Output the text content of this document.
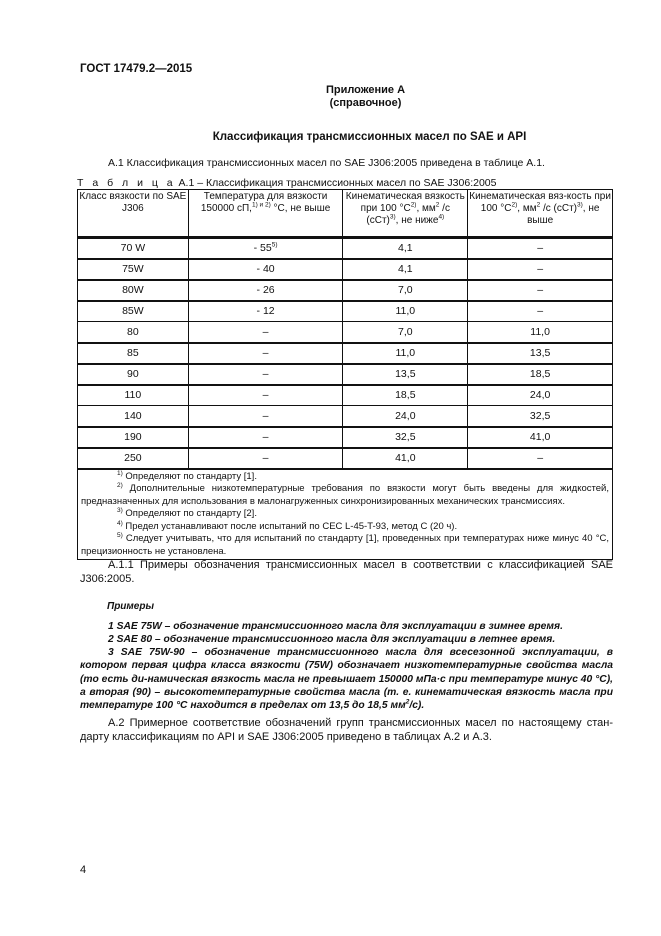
ГОСТ 17479.2—2015
Приложение А
(справочное)
Классификация трансмиссионных масел по SAE и API
А.1 Классификация трансмиссионных масел по SAE J306:2005 приведена в таблице А.1.
Т а б л и ц а А.1 – Классификация трансмиссионных масел по SAE J306:2005
Класс вязкости по SAE J306	Температура для вязкости 150000 сП,$^{1) и 2)}$ °С, не выше	Кинематическая вязкость при 100 $^\circ С^{2)}$, $мм^2$ /с (сСт)$^{3)}$, не ниже$^{4)}$	Кинематическая вяз-кость при 100 $^\circ С^{2)}$, $мм^2$ /с (сСт)$^{3)}$, не выше
70 W	- 55$^{5)}$	4,1	–
75W	- 40	4,1	–
80W	- 26	7,0	–
85W	- 12	11,0	–
80	–	7,0	11,0
85	–	11,0	13,5
90	–	13,5	18,5
110	–	18,5	24,0
140	–	24,0	32,5
190	–	32,5	41,0
250	–	41,0	–

$^{1)}$ Определяют по стандарту [1].
$^{2)}$ Дополнительные низкотемпературные требования по вязкости могут быть введены для жидкостей, предназначенных для использования в малонагруженных синхронизированных механических трансмиссиях.
$^{3)}$ Определяют по стандарту [2].
$^{4)}$ Предел устанавливают после испытаний по СЕС L-45-T-93, метод С (20 ч).
$^{5)}$ Следует учитывать, что для испытаний по стандарту [1], проведенных при температурах ниже минус 40 °С, прецизионность не установлена.			
А.1.1 Примеры обозначения трансмиссионных масел в соответствии с классификацией SAE J306:2005.
Примеры
1 SAE 75W – обозначение трансмиссионного масла для эксплуатации в зимнее время.
2 SAE 80 – обозначение трансмиссионного масла для эксплуатации в летнее время.
3 SAE 75W-90 – обозначение трансмиссионного масла для всесезонной эксплуатации, в котором первая цифра класса вязкости (75W) обозначает низкотемпературные свойства масла (то есть ди-намическая вязкость масла не превышает 150000 мПа·с при температуре минус 40 °С), а вторая (90) – высокотемпературные свойства масла (т. е. кинематическая вязкость масла при температуре 100 °С находится в пределах от 13,5 до 18,5 $мм^2/с$).
А.2 Примерное соответствие обозначений групп трансмиссионных масел по настоящему стан-дарту классификациям по API и SAE J306:2005 приведено в таблицах А.2 и А.3.
4
